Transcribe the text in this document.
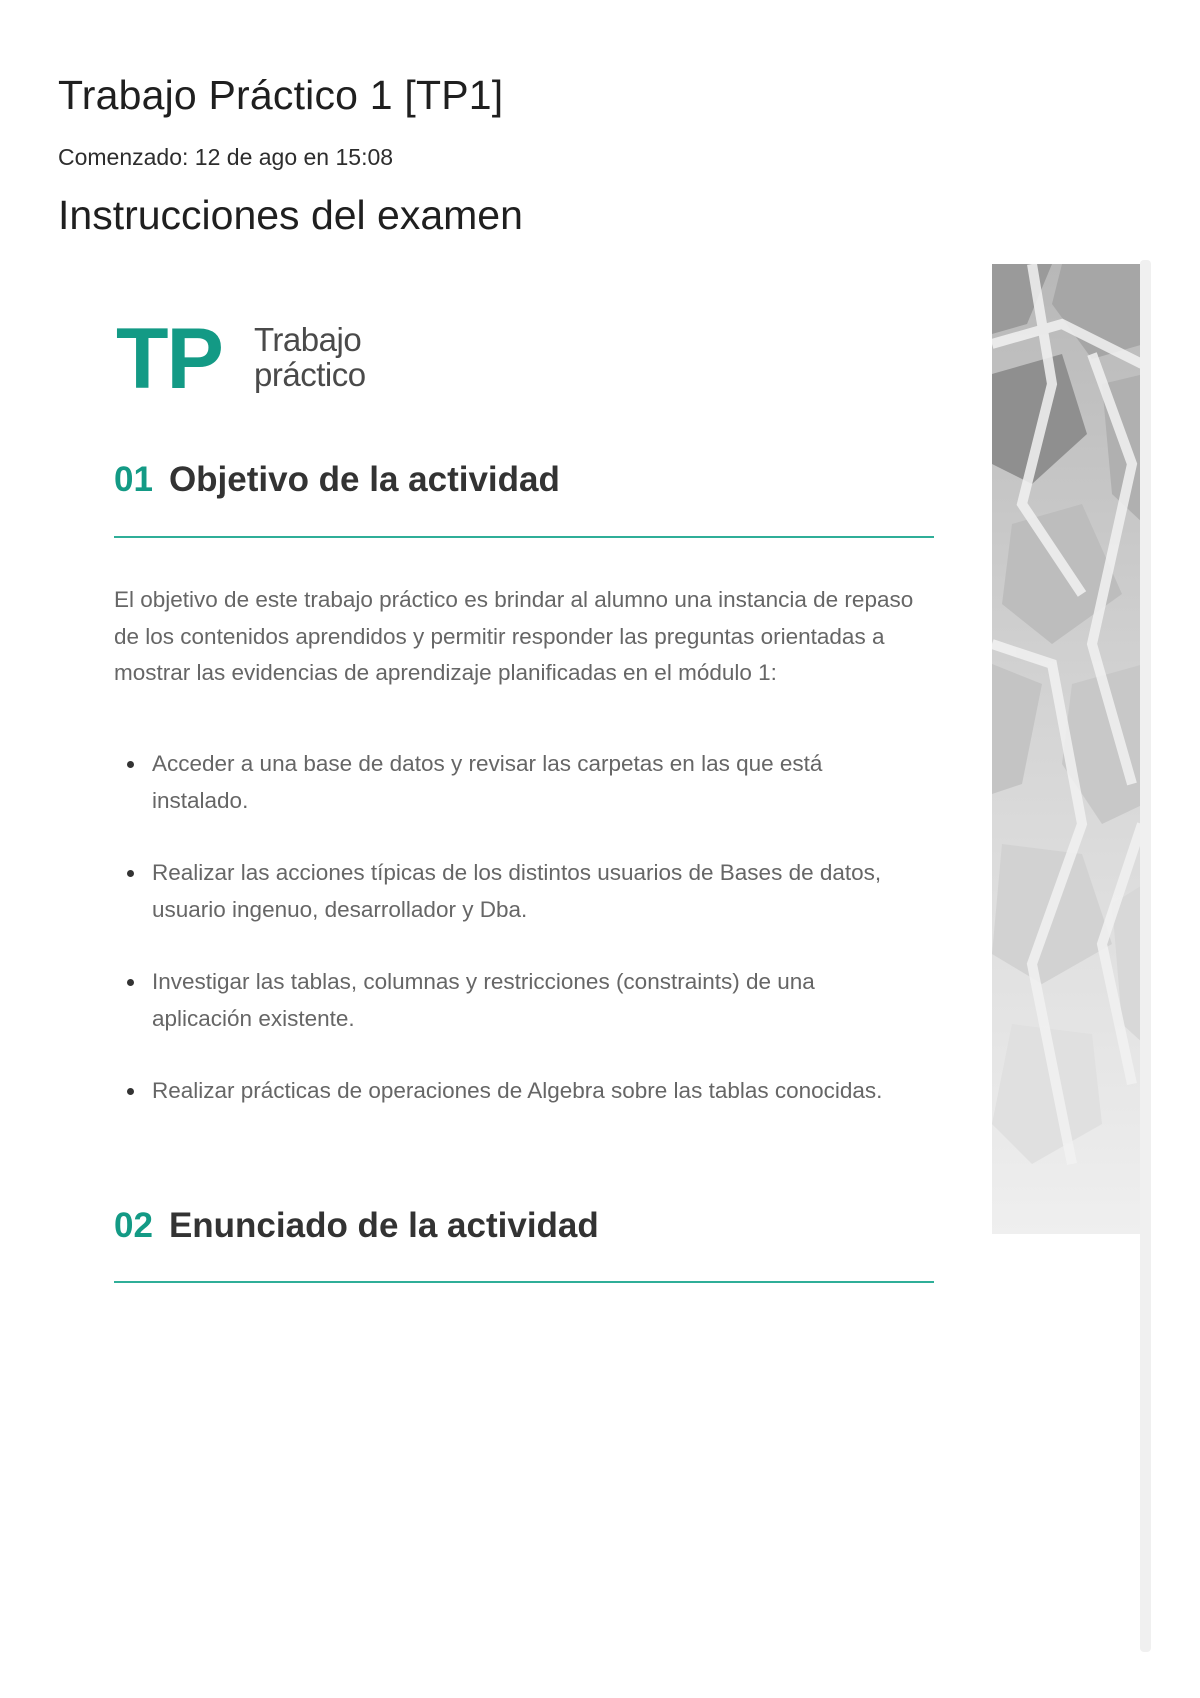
Trabajo Práctico 1 [TP1]
Comenzado: 12 de ago en 15:08
Instrucciones del examen
TP Trabajo
práctico
01 Objetivo de la actividad
El objetivo de este trabajo práctico es brindar al alumno una instancia de repaso de los contenidos aprendidos y permitir responder las preguntas orientadas a mostrar las evidencias de aprendizaje planificadas en el módulo 1:
Acceder a una base de datos y revisar las carpetas en las que está instalado.
Realizar las acciones típicas de los distintos usuarios de Bases de datos, usuario ingenuo, desarrollador y Dba.
Investigar las tablas, columnas y restricciones (constraints) de una aplicación existente.
Realizar prácticas de operaciones de Algebra sobre las tablas conocidas.
02 Enunciado de la actividad
